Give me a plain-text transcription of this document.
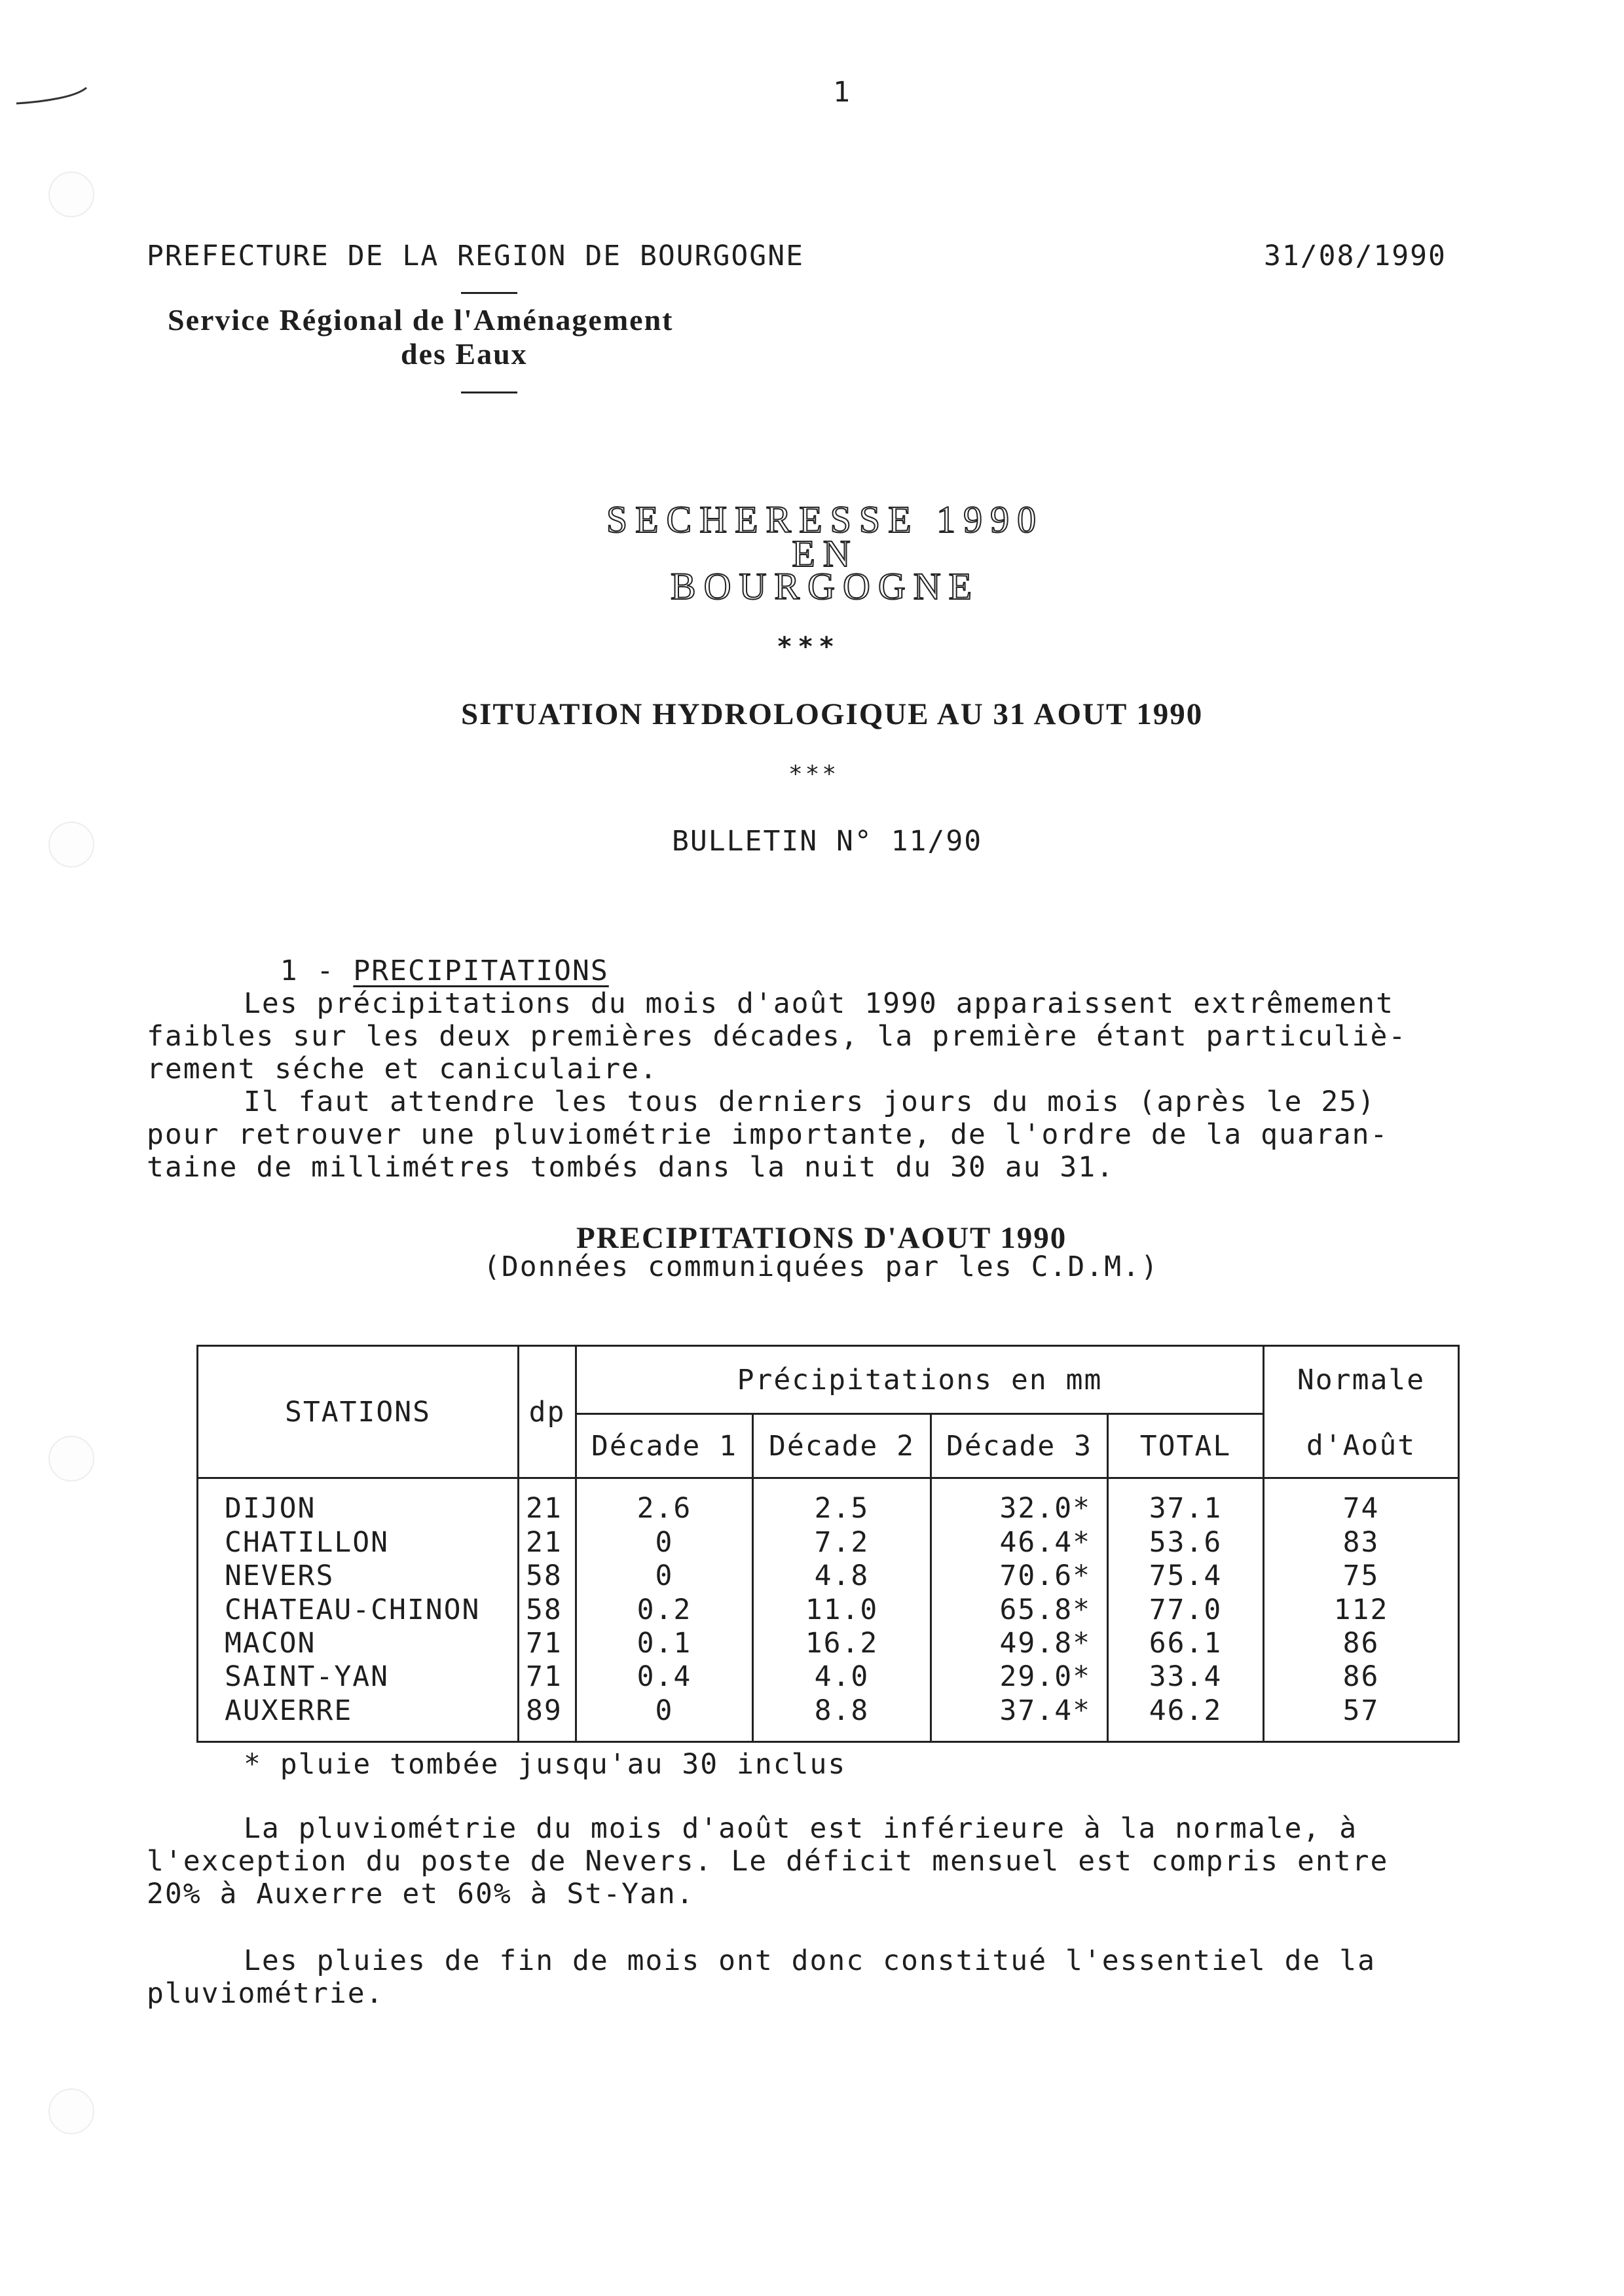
1
PREFECTURE DE LA REGION DE BOURGOGNE	31/08/1990
Service Régional de l'Aménagement
des Eaux
SECHERESSE 1990
EN
BOURGOGNE
***
SITUATION HYDROLOGIQUE AU 31 AOUT 1990
***
BULLETIN N° 11/90

1 - PRECIPITATIONS

Les précipitations du mois d'août 1990 apparaissent extrêmement
faibles sur les deux premières décades, la première étant particuliè-
rement séche et caniculaire.
Il faut attendre les tous derniers jours du mois (après le 25)
pour retrouver une pluviométrie importante, de l'ordre de la quaran-
taine de millimétres tombés dans la nuit du 30 au 31.
PRECIPITATIONS D'AOUT 1990
(Données communiquées par les C.D.M.)
STATIONS	dp	Précipitations en mm				Normale
		Décade 1	Décade 2	Décade 3	TOTAL	d'Août
DIJON	21	2.6	2.5	32.0*	37.1	74
CHATILLON	21	0	7.2	46.4*	53.6	83
NEVERS	58	0	4.8	70.6*	75.4	75
CHATEAU-CHINON	58	0.2	11.0	65.8*	77.0	112
MACON	71	0.1	16.2	49.8*	66.1	86
SAINT-YAN	71	0.4	4.0	29.0*	33.4	86
AUXERRE	89	0	8.8	37.4*	46.2	57

* pluie tombée jusqu'au 30 inclus
La pluviométrie du mois d'août est inférieure à la normale, à
l'exception du poste de Nevers. Le déficit mensuel est compris entre
20% à Auxerre et 60% à St-Yan.
Les pluies de fin de mois ont donc constitué l'essentiel de la
pluviométrie.
